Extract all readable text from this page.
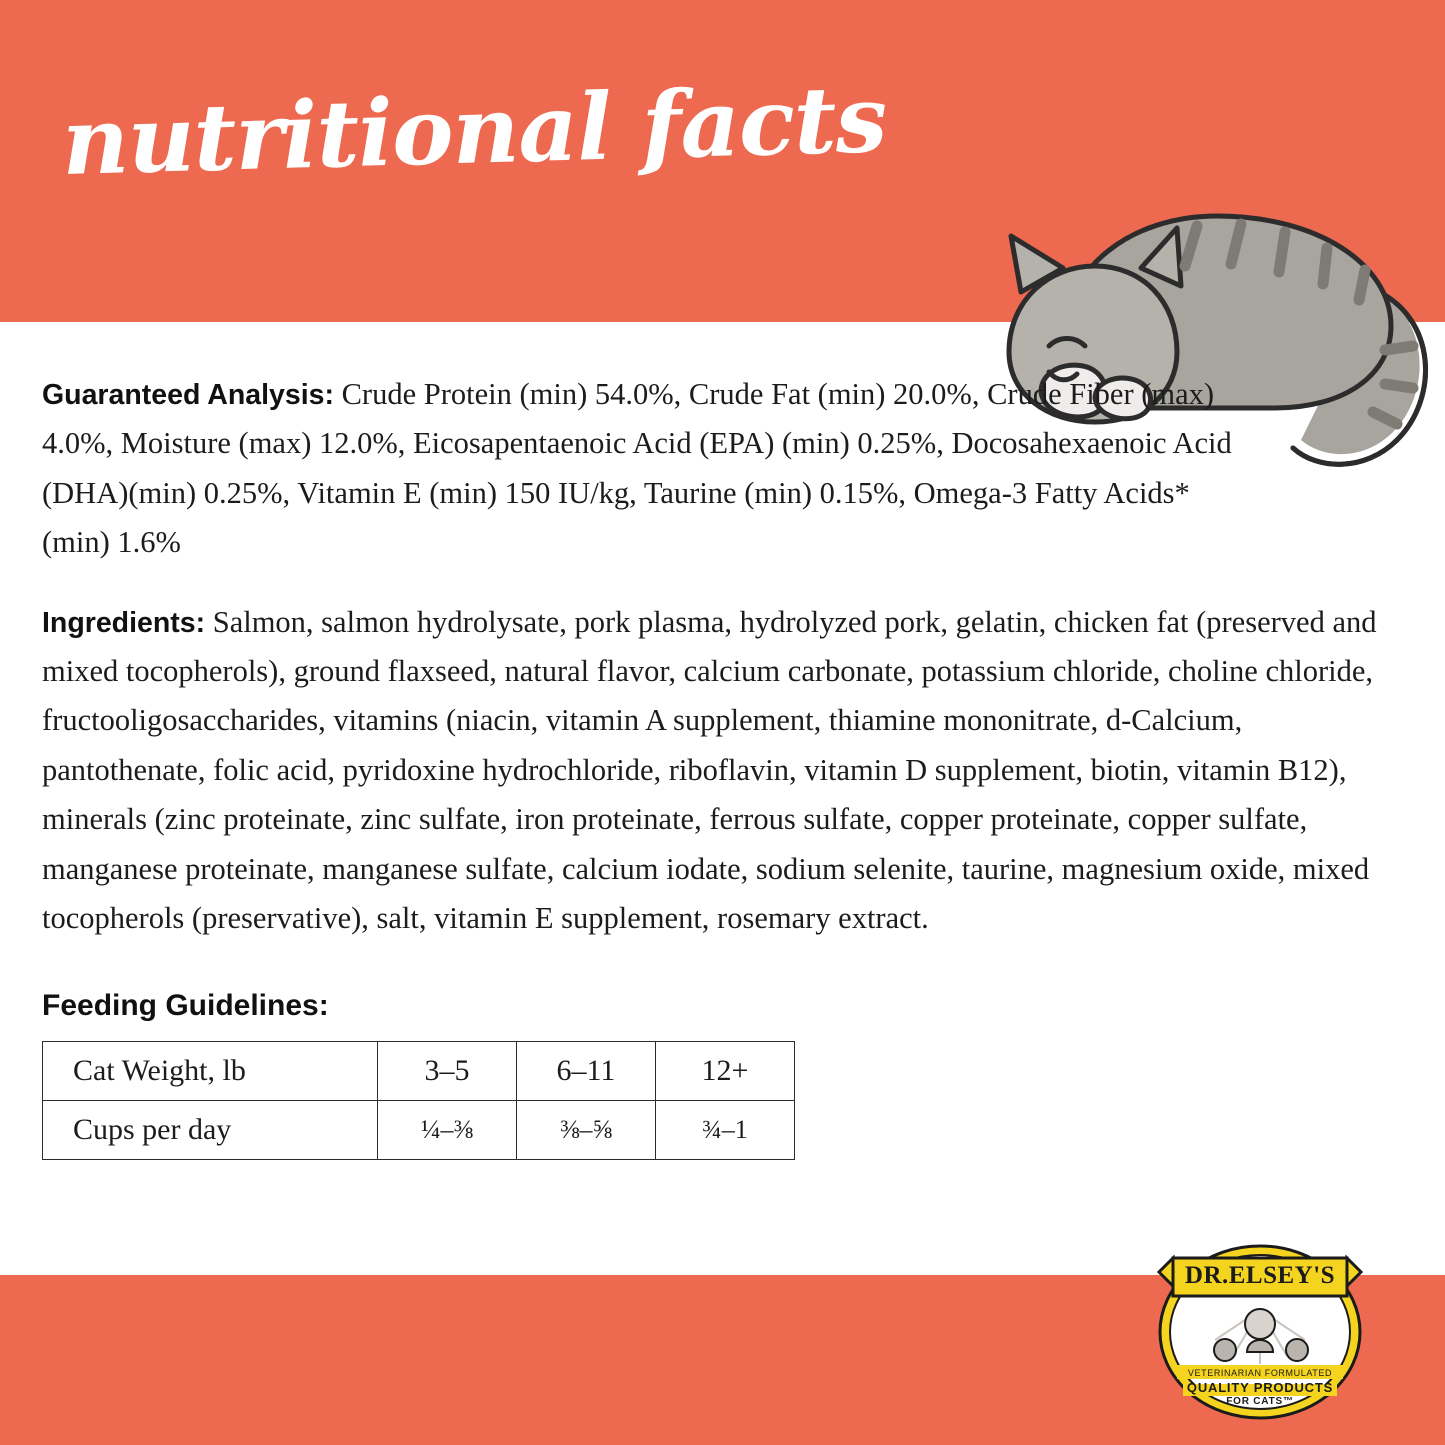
nutritional facts

Guaranteed Analysis: Crude Protein (min) 54.0%, Crude Fat (min) 20.0%, Crude Fiber (max) 4.0%, Moisture (max) 12.0%, Eicosapentaenoic Acid (EPA) (min) 0.25%, Docosahexaenoic Acid (DHA)(min) 0.25%, Vitamin E (min) 150 IU/kg, Taurine (min) 0.15%, Omega-3 Fatty Acids* (min) 1.6%

Ingredients: Salmon, salmon hydrolysate, pork plasma, hydrolyzed pork, gelatin, chicken fat (preserved and mixed tocopherols), ground flaxseed, natural flavor, calcium carbonate, potassium chloride, choline chloride, fructooligosaccharides, vitamins (niacin, vitamin A supplement, thiamine mononitrate, d-Calcium, pantothenate, folic acid, pyridoxine hydrochloride, riboflavin, vitamin D supplement, biotin, vitamin B12), minerals (zinc proteinate, zinc sulfate, iron proteinate, ferrous sulfate, copper proteinate, copper sulfate, manganese proteinate, manganese sulfate, calcium iodate, sodium selenite, taurine, magnesium oxide, mixed tocopherols (preservative), salt, vitamin E supplement, rosemary extract.

Feeding Guidelines:
Cat Weight, lb	3–5	6–11	12+
Cups per day	¼–⅜	⅜–⅝	¾–1
DR.ELSEY'S
VETERINARIAN FORMULATED
QUALITY PRODUCTS
FOR CATS™
